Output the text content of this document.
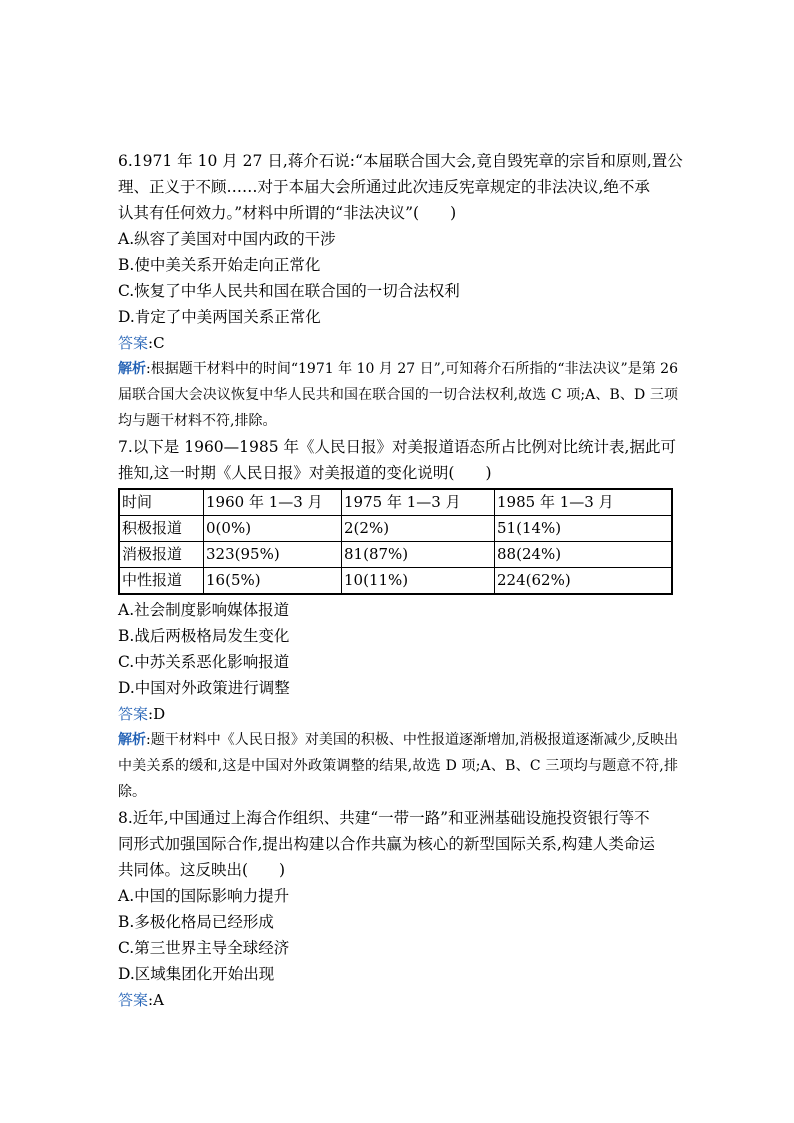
6.1971 年 10 月 27 日,蒋介石说:“本届联合国大会,竟自毁宪章的宗旨和原则,置公
理、正义于不顾……对于本届大会所通过此次违反宪章规定的非法决议,绝不承
认其有任何效力。”材料中所谓的“非法决议”(　　)
A.纵容了美国对中国内政的干涉
B.使中美关系开始走向正常化
C.恢复了中华人民共和国在联合国的一切合法权利
D.肯定了中美两国关系正常化
答案:C
解析:根据题干材料中的时间“1971 年 10 月 27 日”,可知蒋介石所指的“非法决议”是第 26 届联合国大会决议恢复中华人民共和国在联合国的一切合法权利,故选 C 项;A、B、D 三项均与题干材料不符,排除。
7.以下是 1960—1985 年《人民日报》对美报道语态所占比例对比统计表,据此可
推知,这一时期《人民日报》对美报道的变化说明(　　)
时间	1960 年 1—3 月	1975 年 1—3 月	1985 年 1—3 月
积极报道	0(0%)	2(2%)	51(14%)
消极报道	323(95%)	81(87%)	88(24%)
中性报道	16(5%)	10(11%)	224(62%)
A.社会制度影响媒体报道
B.战后两极格局发生变化
C.中苏关系恶化影响报道
D.中国对外政策进行调整
答案:D
解析:题干材料中《人民日报》对美国的积极、中性报道逐渐增加,消极报道逐渐减少,反映出中美关系的缓和,这是中国对外政策调整的结果,故选 D 项;A、B、C 三项均与题意不符,排除。
8.近年,中国通过上海合作组织、共建“一带一路”和亚洲基础设施投资银行等不
同形式加强国际合作,提出构建以合作共赢为核心的新型国际关系,构建人类命运
共同体。这反映出(　　)
A.中国的国际影响力提升
B.多极化格局已经形成
C.第三世界主导全球经济
D.区域集团化开始出现
答案:A
